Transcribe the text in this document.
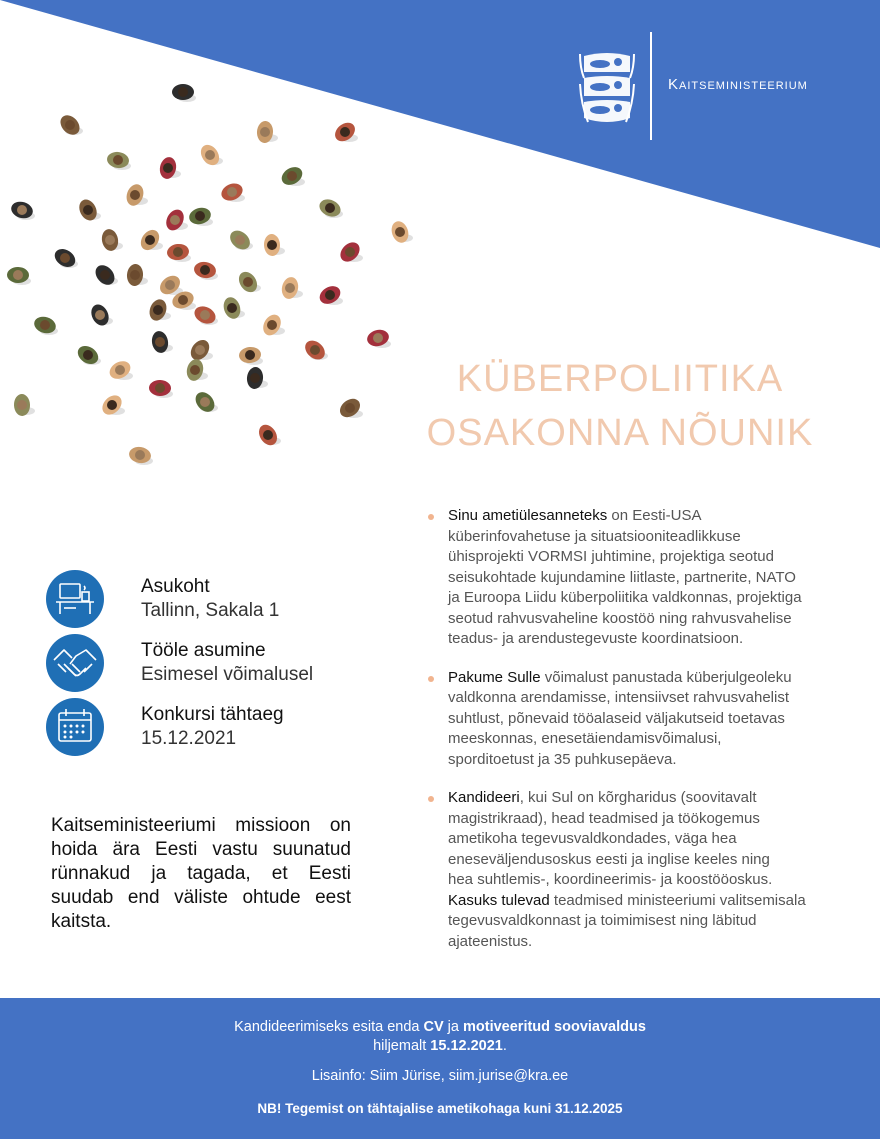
Kaitseministeerium
KÜBERPOLIITIKA
OSAKONNA NÕUNIK
Asukoht
Tallinn, Sakala 1
Tööle asumine
Esimesel võimalusel
Konkursi tähtaeg
15.12.2021

Kaitseministeeriumi missioon on hoida ära Eesti vastu suunatud rünnakud ja tagada, et Eesti suudab end väliste ohtude eest kaitsta.

Sinu ametiülesanneteks on Eesti-USA
küberinfovahetuse ja situatsiooniteadlikkuse
ühisprojekti VORMSI juhtimine, projektiga seotud
seisukohtade kujundamine liitlaste, partnerite, NATO
ja Euroopa Liidu küberpoliitika valdkonnas, projektiga
seotud rahvusvaheline koostöö ning rahvusvahelise
teadus- ja arendustegevuste koordinatsioon.
Pakume Sulle võimalust panustada küberjulgeoleku
valdkonna arendamisse, intensiivset rahvusvahelist
suhtlust, põnevaid tööalaseid väljakutseid toetavas
meeskonnas, enesetäiendamisvõimalusi,
sporditoetust ja 35 puhkusepäeva.
Kandideeri, kui Sul on kõrgharidus (soovitavalt
magistrikraad), head teadmised ja töökogemus
ametikoha tegevusvaldkondades, väga hea
eneseväljendusoskus eesti ja inglise keeles ning
hea suhtlemis-, koordineerimis- ja koostööoskus.
Kasuks tulevad teadmised ministeeriumi valitsemisala
tegevusvaldkonnast ja toimimisest ning läbitud
ajateenistus.
Kandideerimiseks esita enda CV ja motiveeritud sooviavaldus
hiljemalt 15.12.2021.
Lisainfo: Siim Jürise, siim.jurise@kra.ee
NB! Tegemist on tähtajalise ametikohaga kuni 31.12.2025
